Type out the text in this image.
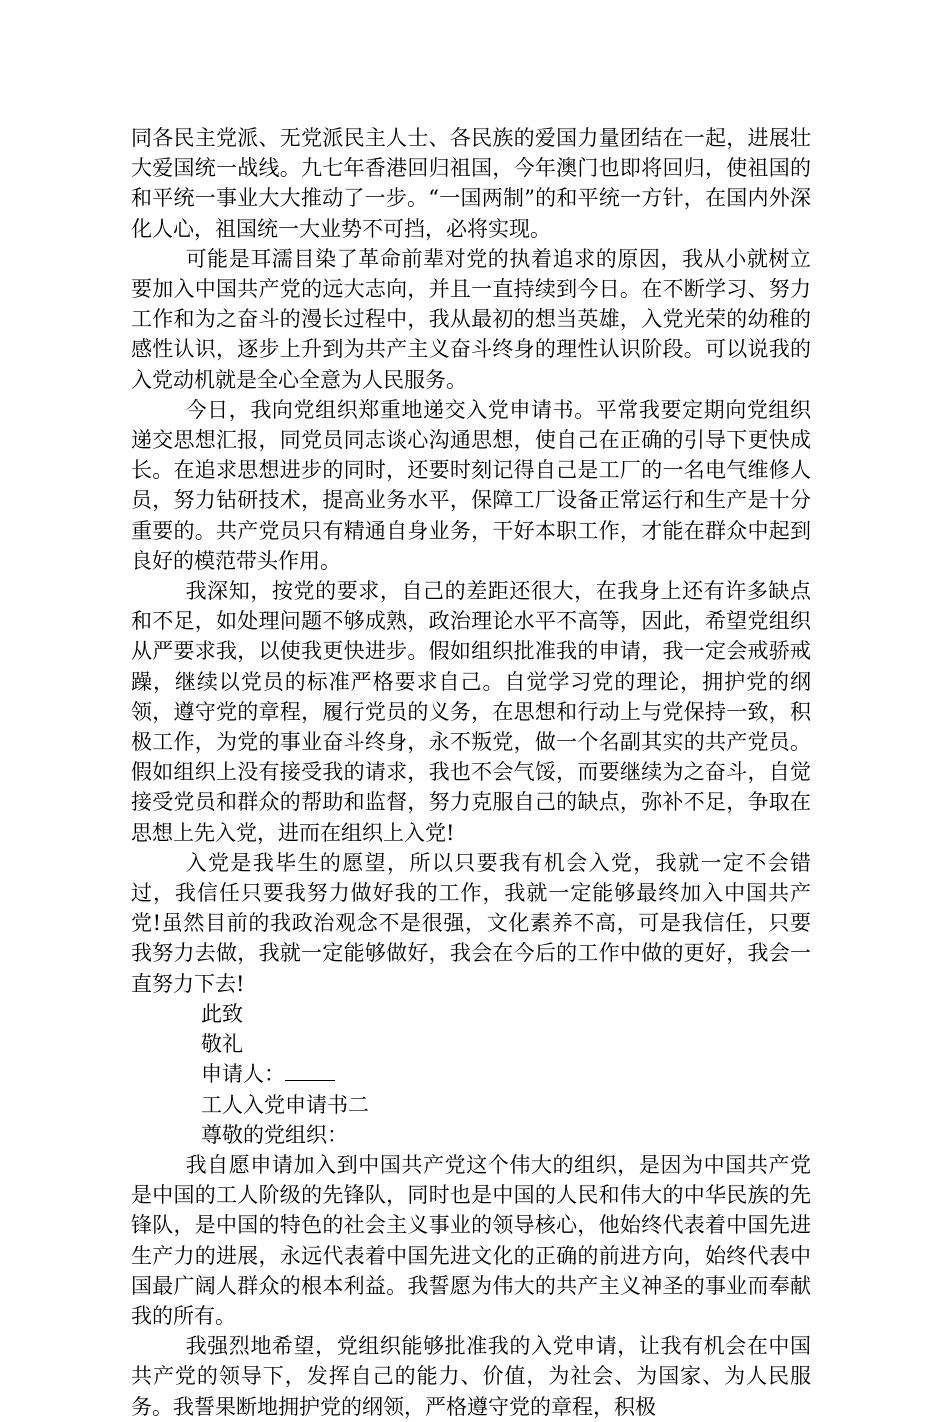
同各民主党派、无党派民主人士、各民族的爱国力量团结在一起，进展壮大爱国统一战线。九七年香港回归祖国，今年澳门也即将回归，使祖国的和平统一事业大大推动了一步。“一国两制”的和平统一方针，在国内外深化人心，祖国统一大业势不可挡，必将实现。

可能是耳濡目染了革命前辈对党的执着追求的原因，我从小就树立要加入中国共产党的远大志向，并且一直持续到今日。在不断学习、努力工作和为之奋斗的漫长过程中，我从最初的想当英雄，入党光荣的幼稚的感性认识，逐步上升到为共产主义奋斗终身的理性认识阶段。可以说我的入党动机就是全心全意为人民服务。

今日，我向党组织郑重地递交入党申请书。平常我要定期向党组织递交思想汇报，同党员同志谈心沟通思想，使自己在正确的引导下更快成长。在追求思想进步的同时，还要时刻记得自己是工厂的一名电气维修人员，努力钻研技术，提高业务水平，保障工厂设备正常运行和生产是十分重要的。共产党员只有精通自身业务，干好本职工作，才能在群众中起到良好的模范带头作用。

我深知，按党的要求，自己的差距还很大，在我身上还有许多缺点和不足，如处理问题不够成熟，政治理论水平不高等，因此，希望党组织从严要求我，以使我更快进步。假如组织批准我的申请，我一定会戒骄戒躁，继续以党员的标准严格要求自己。自觉学习党的理论，拥护党的纲领，遵守党的章程，履行党员的义务，在思想和行动上与党保持一致，积极工作，为党的事业奋斗终身，永不叛党，做一个名副其实的共产党员。假如组织上没有接受我的请求，我也不会气馁，而要继续为之奋斗，自觉接受党员和群众的帮助和监督，努力克服自己的缺点，弥补不足，争取在思想上先入党，进而在组织上入党!

入党是我毕生的愿望，所以只要我有机会入党，我就一定不会错过，我信任只要我努力做好我的工作，我就一定能够最终加入中国共产党!虽然目前的我政治观念不是很强，文化素养不高，可是我信任，只要我努力去做，我就一定能够做好，我会在今后的工作中做的更好，我会一直努力下去!

此致

敬礼

申请人：

工人入党申请书二

尊敬的党组织：

我自愿申请加入到中国共产党这个伟大的组织，是因为中国共产党是中国的工人阶级的先锋队，同时也是中国的人民和伟大的中华民族的先锋队，是中国的特色的社会主义事业的领导核心，他始终代表着中国先进生产力的进展，永远代表着中国先进文化的正确的前进方向，始终代表中国最广阔人群众的根本利益。我誓愿为伟大的共产主义神圣的事业而奉献我的所有。

我强烈地希望，党组织能够批准我的入党申请，让我有机会在中国共产党的领导下，发挥自己的能力、价值，为社会、为国家、为人民服务。我誓果断地拥护党的纲领，严格遵守党的章程，积极
